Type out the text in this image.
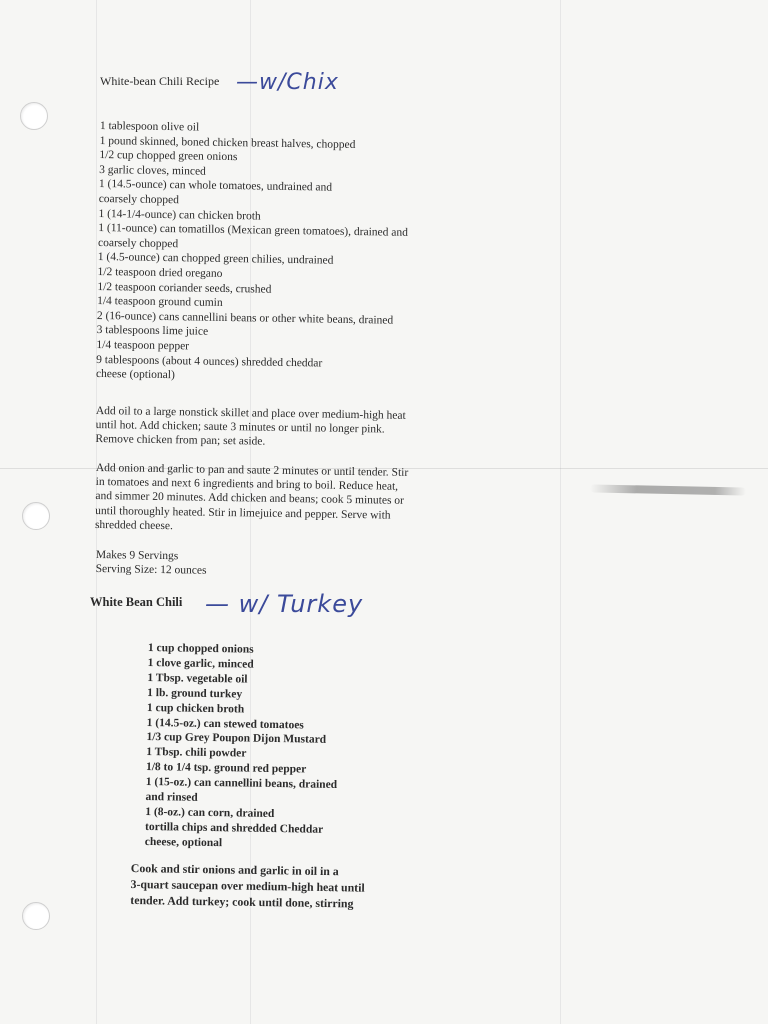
White-bean Chili Recipe —w/Chix
1 tablespoon olive oil
1 pound skinned, boned chicken breast halves, chopped
1/2 cup chopped green onions
3 garlic cloves, minced
1 (14.5-ounce) can whole tomatoes, undrained and
coarsely chopped
1 (14-1/4-ounce) can chicken broth
1 (11-ounce) can tomatillos (Mexican green tomatoes), drained and
coarsely chopped
1 (4.5-ounce) can chopped green chilies, undrained
1/2 teaspoon dried oregano
1/2 teaspoon coriander seeds, crushed
1/4 teaspoon ground cumin
2 (16-ounce) cans cannellini beans or other white beans, drained
3 tablespoons lime juice
1/4 teaspoon pepper
9 tablespoons (about 4 ounces) shredded cheddar
cheese (optional)
Add oil to a large nonstick skillet and place over medium-high heat
until hot. Add chicken; saute 3 minutes or until no longer pink.
Remove chicken from pan; set aside.
Add onion and garlic to pan and saute 2 minutes or until tender. Stir
in tomatoes and next 6 ingredients and bring to boil. Reduce heat,
and simmer 20 minutes. Add chicken and beans; cook 5 minutes or
until thoroughly heated. Stir in limejuice and pepper. Serve with
shredded cheese.
Makes 9 Servings
Serving Size: 12 ounces
White Bean Chili — w/ Turkey
1 cup chopped onions
1 clove garlic, minced
1 Tbsp. vegetable oil
1 lb. ground turkey
1 cup chicken broth
1 (14.5-oz.) can stewed tomatoes
1/3 cup Grey Poupon Dijon Mustard
1 Tbsp. chili powder
1/8 to 1/4 tsp. ground red pepper
1 (15-oz.) can cannellini beans, drained
and rinsed
1 (8-oz.) can corn, drained
tortilla chips and shredded Cheddar
cheese, optional
Cook and stir onions and garlic in oil in a
3-quart saucepan over medium-high heat until
tender. Add turkey; cook until done, stirring
